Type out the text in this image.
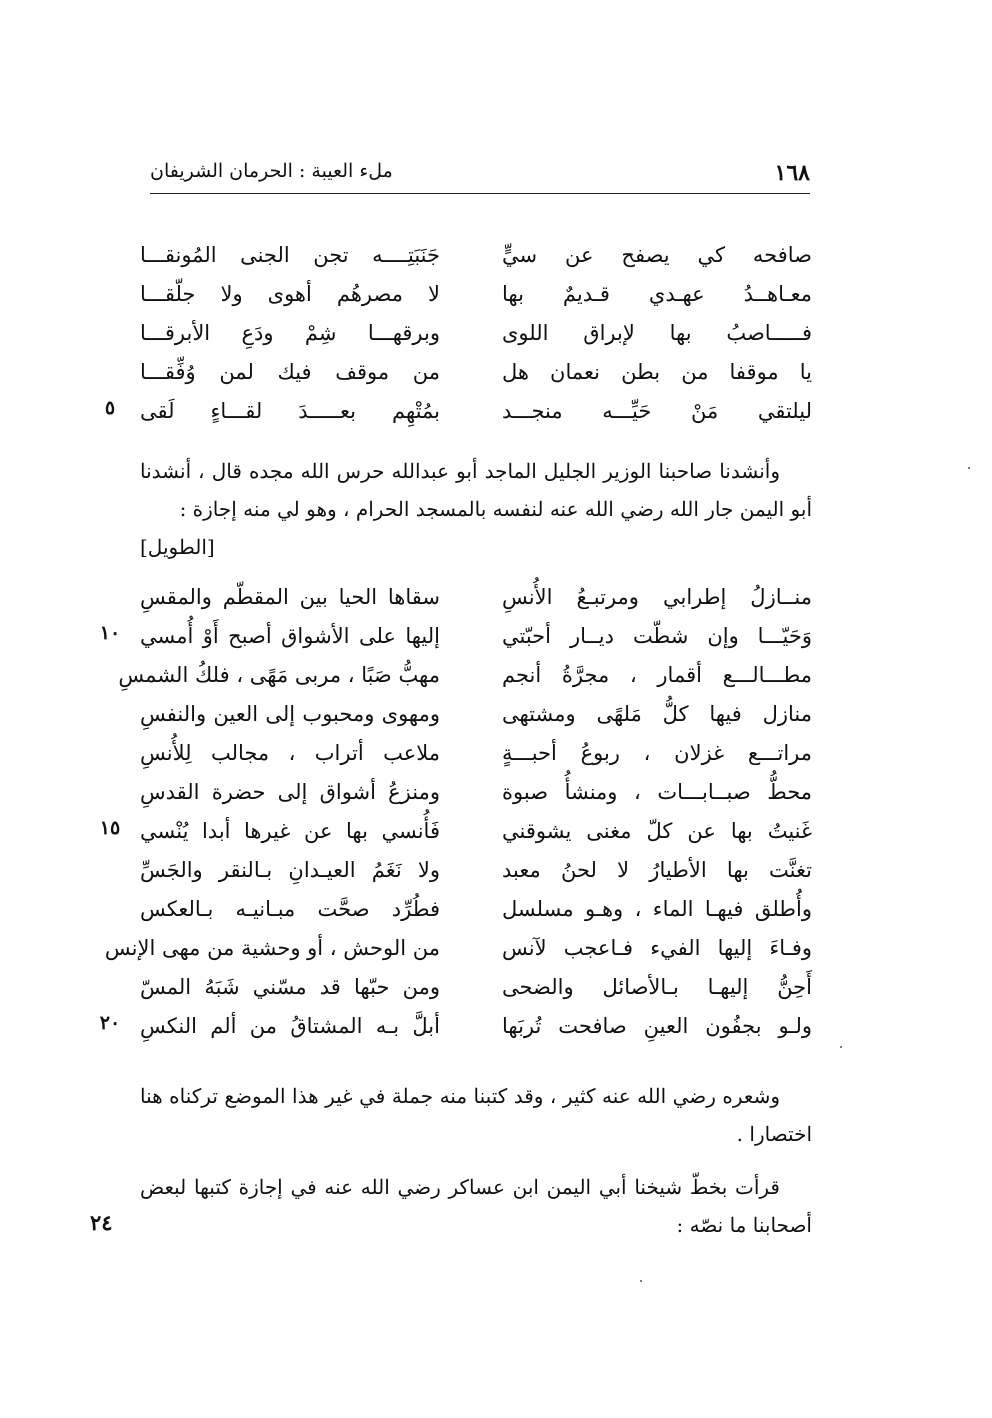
١٦٨
ملء العيبة : الحرمان الشريفان
صافحه كي يصفح عن سيٍّ
جَنَبَتِــــه تجن الجنى المُونقـــا
معـاهــدُ عهـدي قـديمٌ بها
لا مصرهُم أهوى ولا جلّقـــا
فـــــاصبُ بها لإبراق اللوى
وبرقهـــا شِمْ ودَعِ الأبرقـــا
يا موقفا من بطن نعمان هل
من موقف فيك لمن وُفِّقـــا
ليلتقي مَنْ حَيِّـــه منجـــد
بمُتْهِم بعـــــدَ لقـــاءٍ لَقى
٥
وأنشدنا صاحبنا الوزير الجليل الماجد أبو عبدالله حرس الله مجده قال ، أنشدنا أبو اليمن جار الله رضي الله عنه لنفسه بالمسجد الحرام ، وهو لي منه إجازة :
[الطويل]
منــازلُ إطرابي ومرتبـعُ الأُنسِ
سقاها الحيا بين المقطّم والمقسِ
وَحَيّـــا وإن شطّت ديــار أحبّتي
إليها على الأشواق أصبح أَوْ أُمسي
مطـــالـــع أقمار ، مجرَّةُ أنجم
مهبُّ صَبًا ، مربى مَهًى ، فلكُ الشمسِ
منازل فيها كلُّ مَلهًى ومشتهى
ومهوى ومحبوب إلى العين والنفسِ
مراتـــع غزلان ، ربوعُ أحبـــةٍ
ملاعب أتراب ، مجالب لِلأُنسِ
محطُّ صبــابـــات ، ومنشأُ صبوة
ومنزعُ أشواق إلى حضرة القدسِ
غَنيتُ بها عن كلّ مغنى يشوقني
فَأُنسي بها عن غيرها أبدا يُنْسي
تغنَّت بها الأطيارُ لا لحنُ معبد
ولا نَغَمُ العيـدانِ بـالنقر والجَسِّ
وأُطلق فيهـا الماء ، وهـو مسلسل
فطُرِّد صحَّت مبـانيـه بـالعكس
وفـاءَ إليها الفيء فـاعجب لآنس
من الوحش ، أو وحشية من مهى الإنس
أَحِنُّ إليهـا بـالأصائل والضحى
ومن حبّها قد مسّني شَبَهُ المسّ
ولـو بجفُون العينِ صافحت تُربَها
أبلَّ بـه المشتاقُ من ألم النكسِ
١٠
١٥
٢٠
وشعره رضي الله عنه كثير ، وقد كتبنا منه جملة في غير هذا الموضع تركناه هنا اختصارا .
قرأت بخطّ شيخنا أبي اليمن ابن عساكر رضي الله عنه في إجازة كتبها لبعض أصحابنا ما نصّه :
٢٤
